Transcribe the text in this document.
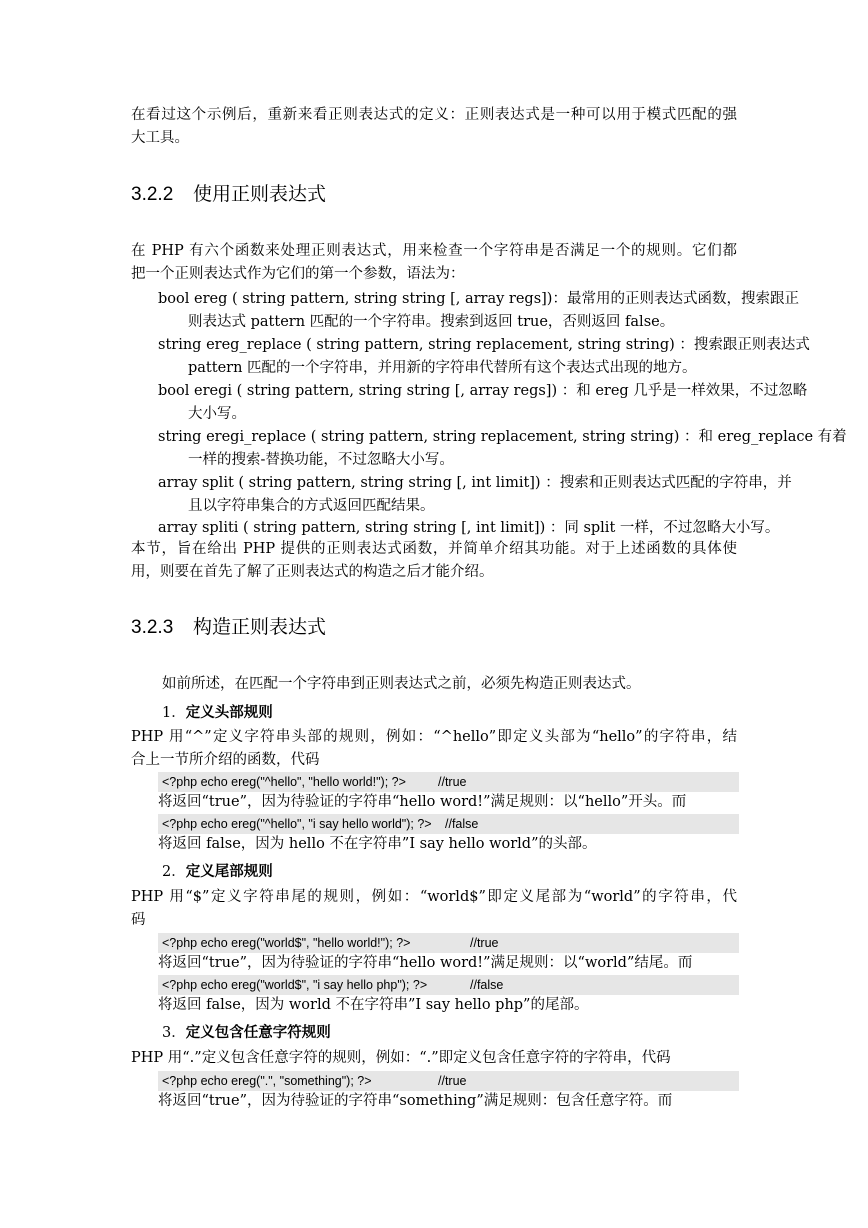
在看过这个示例后，重新来看正则表达式的定义：正则表达式是一种可以用于模式匹配的强
大工具。
3.2.2 使用正则表达式
在 PHP 有六个函数来处理正则表达式，用来检查一个字符串是否满足一个的规则。它们都
把一个正则表达式作为它们的第一个参数，语法为：
bool ereg ( string pattern, string string [, array regs])：最常用的正则表达式函数，搜索跟正
则表达式 pattern 匹配的一个字符串。搜索到返回 true，否则返回 false。
string ereg_replace ( string pattern, string replacement, string string) ：搜索跟正则表达式
pattern 匹配的一个字符串，并用新的字符串代替所有这个表达式出现的地方。
bool eregi ( string pattern, string string [, array regs]) ：和 ereg 几乎是一样效果，不过忽略
大小写。
string eregi_replace ( string pattern, string replacement, string string) ：和 ereg_replace 有着
一样的搜索-替换功能，不过忽略大小写。
array split ( string pattern, string string [, int limit]) ：搜索和正则表达式匹配的字符串，并
且以字符串集合的方式返回匹配结果。
array spliti ( string pattern, string string [, int limit]) ：同 split 一样，不过忽略大小写。
本节，旨在给出 PHP 提供的正则表达式函数，并简单介绍其功能。对于上述函数的具体使
用，则要在首先了解了正则表达式的构造之后才能介绍。
3.2.3 构造正则表达式
如前所述，在匹配一个字符串到正则表达式之前，必须先构造正则表达式。
1．定义头部规则
PHP 用“^”定义字符串头部的规则，例如：“^hello”即定义头部为“hello”的字符串，结
合上一节所介绍的函数，代码
<?php echo ereg("^hello", "hello world!"); ?>	//true
将返回“true”，因为待验证的字符串“hello word!”满足规则：以“hello”开头。而
<?php echo ereg("^hello", "i say hello world"); ?> //false
将返回 false，因为 hello 不在字符串”I say hello world”的头部。
2．定义尾部规则
PHP 用“$”定义字符串尾的规则，例如：“world$”即定义尾部为“world”的字符串，代
码
<?php echo ereg("world$", "hello world!"); ?>	//true
将返回“true”，因为待验证的字符串“hello word!”满足规则：以“world”结尾。而
<?php echo ereg("world$", "i say hello php"); ?>	//false
将返回 false，因为 world 不在字符串”I say hello php”的尾部。
3．定义包含任意字符规则
PHP 用“.”定义包含任意字符的规则，例如：“.”即定义包含任意字符的字符串，代码
<?php echo ereg(".", "something"); ?>	//true
将返回“true”，因为待验证的字符串“something”满足规则：包含任意字符。而
